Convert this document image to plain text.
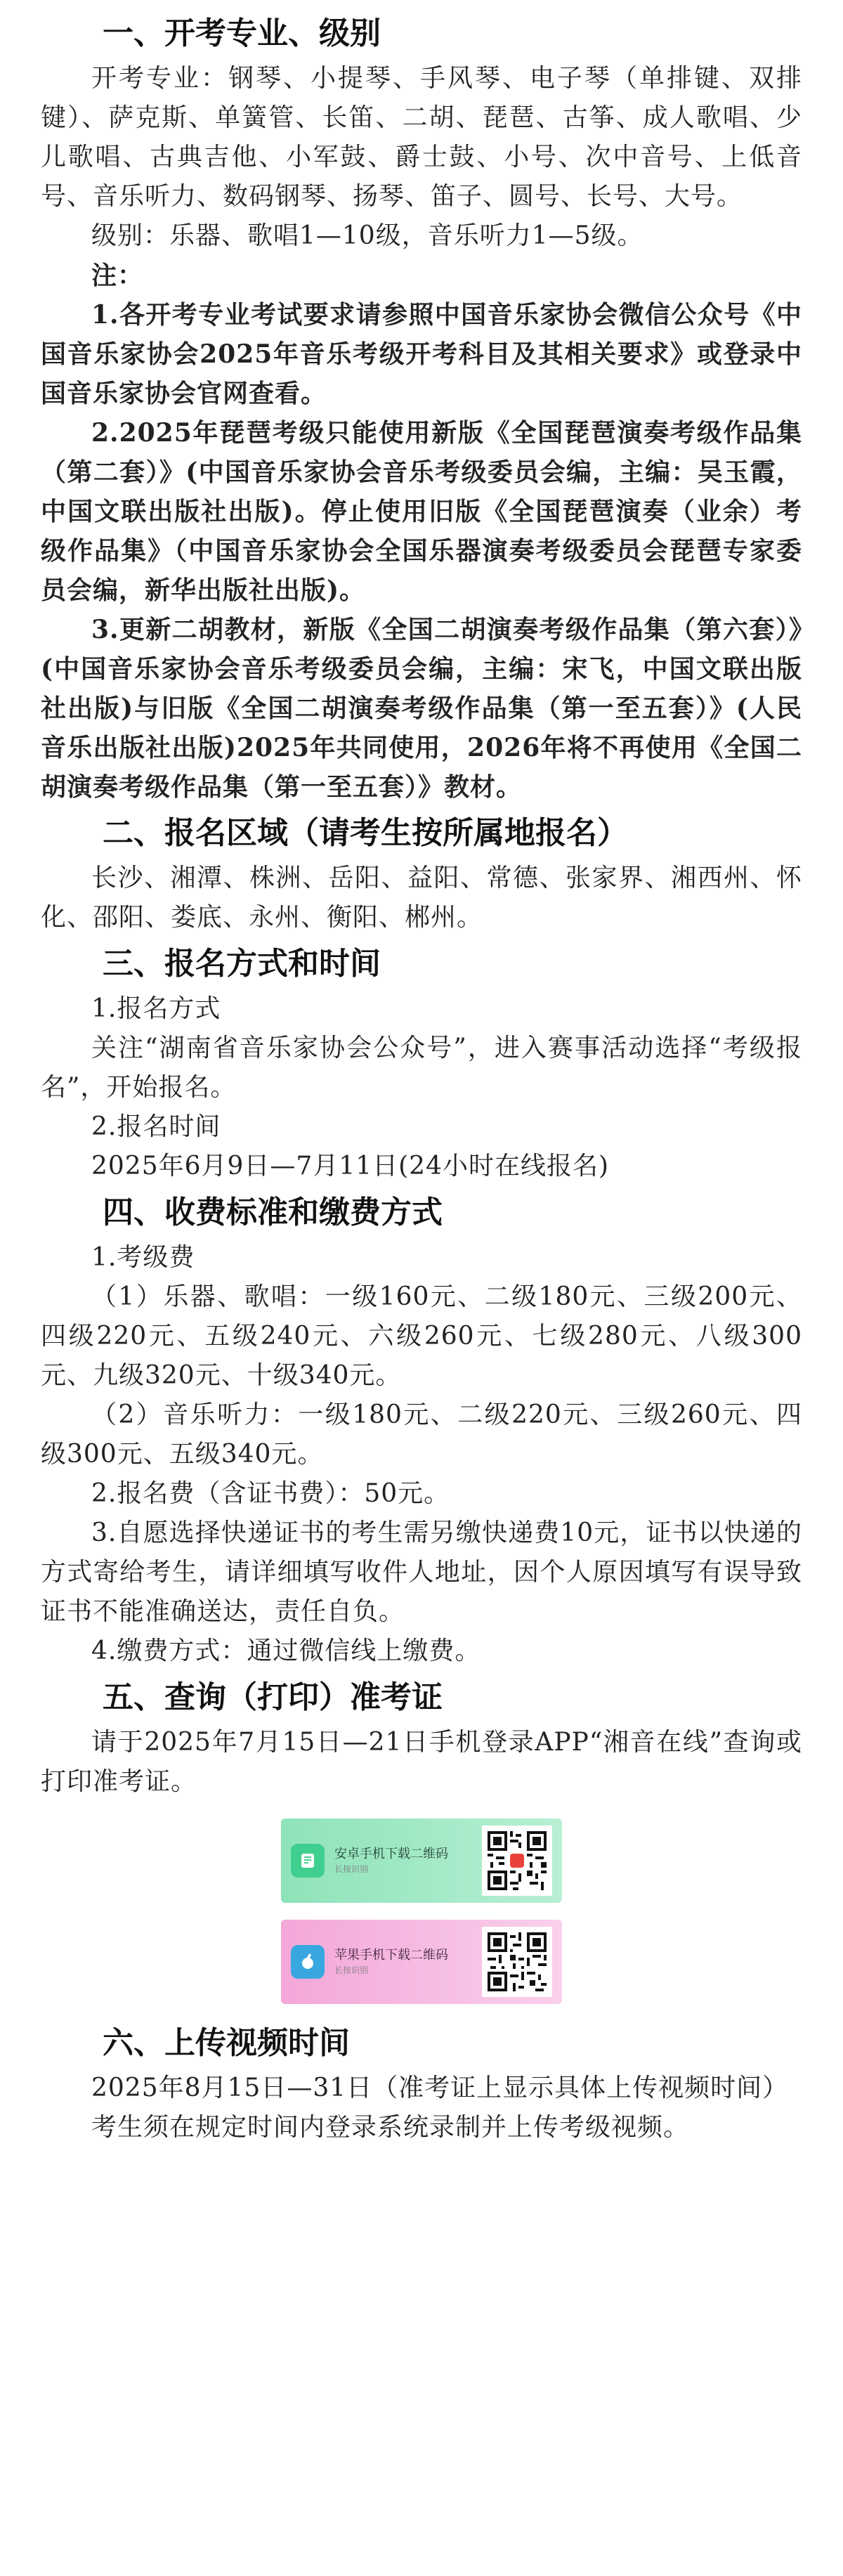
一、开考专业、级别

开考专业：钢琴、小提琴、手风琴、电子琴（单排键、双排键）、萨克斯、单簧管、长笛、二胡、琵琶、古筝、成人歌唱、少儿歌唱、古典吉他、小军鼓、爵士鼓、小号、次中音号、上低音号、音乐听力、数码钢琴、扬琴、笛子、圆号、长号、大号。

级别：乐器、歌唱1—10级，音乐听力1—5级。

注：

1.各开考专业考试要求请参照中国音乐家协会微信公众号《中国音乐家协会2025年音乐考级开考科目及其相关要求》或登录中国音乐家协会官网查看。

2.2025年琵琶考级只能使用新版《全国琵琶演奏考级作品集（第二套）》(中国音乐家协会音乐考级委员会编，主编：吴玉霞，中国文联出版社出版)。停止使用旧版《全国琵琶演奏（业余）考级作品集》（中国音乐家协会全国乐器演奏考级委员会琵琶专家委员会编，新华出版社出版)。

3.更新二胡教材，新版《全国二胡演奏考级作品集（第六套）》(中国音乐家协会音乐考级委员会编，主编：宋飞，中国文联出版社出版)与旧版《全国二胡演奏考级作品集（第一至五套）》(人民音乐出版社出版)2025年共同使用，2026年将不再使用《全国二胡演奏考级作品集（第一至五套）》教材。

二、报名区域（请考生按所属地报名）

长沙、湘潭、株洲、岳阳、益阳、常德、张家界、湘西州、怀化、邵阳、娄底、永州、衡阳、郴州。

三、报名方式和时间

1.报名方式

关注“湖南省音乐家协会公众号”，进入赛事活动选择“考级报名”，开始报名。

2.报名时间

2025年6月9日—7月11日(24小时在线报名)

四、收费标准和缴费方式

1.考级费

（1）乐器、歌唱：一级160元、二级180元、三级200元、四级220元、五级240元、六级260元、七级280元、八级300元、九级320元、十级340元。

（2）音乐听力：一级180元、二级220元、三级260元、四级300元、五级340元。

2.报名费（含证书费）：50元。

3.自愿选择快递证书的考生需另缴快递费10元，证书以快递的方式寄给考生，请详细填写收件人地址，因个人原因填写有误导致证书不能准确送达，责任自负。

4.缴费方式：通过微信线上缴费。

五、查询（打印）准考证

请于2025年7月15日—21日手机登录APP“湘音在线”查询或打印准考证。

安卓手机下载二维码
长按识别
苹果手机下载二维码
长按识别
六、上传视频时间

2025年8月15日—31日（准考证上显示具体上传视频时间）

考生须在规定时间内登录系统录制并上传考级视频。
